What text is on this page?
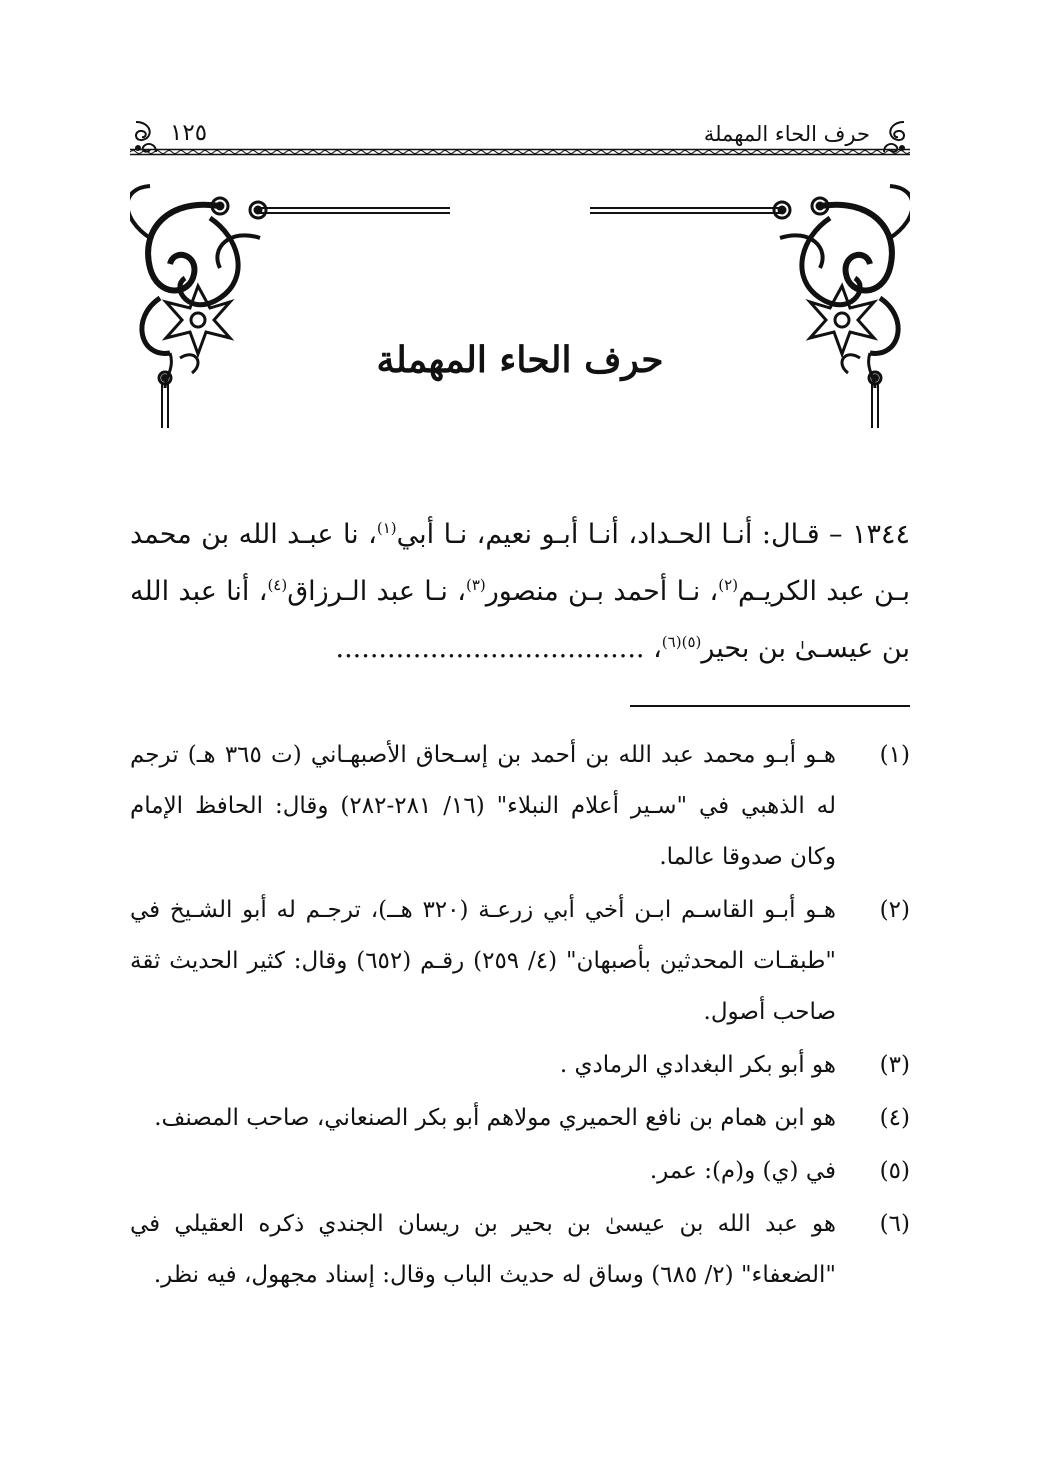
حرف الحاء المهملة
١٢٥
حرف الحاء المهملة
١٣٤٤ – قـال: أنـا الحـداد، أنـا أبـو نعيم، نـا أبي$^{(١)}$، نا عبـد الله بن محمد بـن عبد الكريـم$^{(٢)}$، نـا أحمد بـن منصور$^{(٣)}$، نـا عبد الـرزاق$^{(٤)}$، أنا عبد الله بن عيسـىٰ بن بحير$^{(٥)(٦)}$، ....................................
(١)
هـو أبـو محمد عبد الله بن أحمد بن إسـحاق الأصبهـاني (ت ٣٦٥ هـ) ترجم له الذهبي في "سـير أعلام النبلاء" (١٦/ ٢٨١-٢٨٢) وقال: الحافظ الإمام وكان صدوقا عالما.
(٢)
هـو أبـو القاسـم ابـن أخي أبي زرعـة (٣٢٠ هــ)، ترجـم له أبو الشـيخ في "طبقـات المحدثين بأصبهان" (٤/ ٢٥٩) رقـم (٦٥٢) وقال: كثير الحديث ثقة صاحب أصول.
(٣)
هو أبو بكر البغدادي الرمادي .
(٤)
هو ابن همام بن نافع الحميري مولاهم أبو بكر الصنعاني، صاحب المصنف.
(٥)
في (ي) و(م): عمر.
(٦)
هو عبد الله بن عيسىٰ بن بحير بن ريسان الجندي ذكره العقيلي في "الضعفاء" (٢/ ٦٨٥) وساق له حديث الباب وقال: إسناد مجهول، فيه نظر.
